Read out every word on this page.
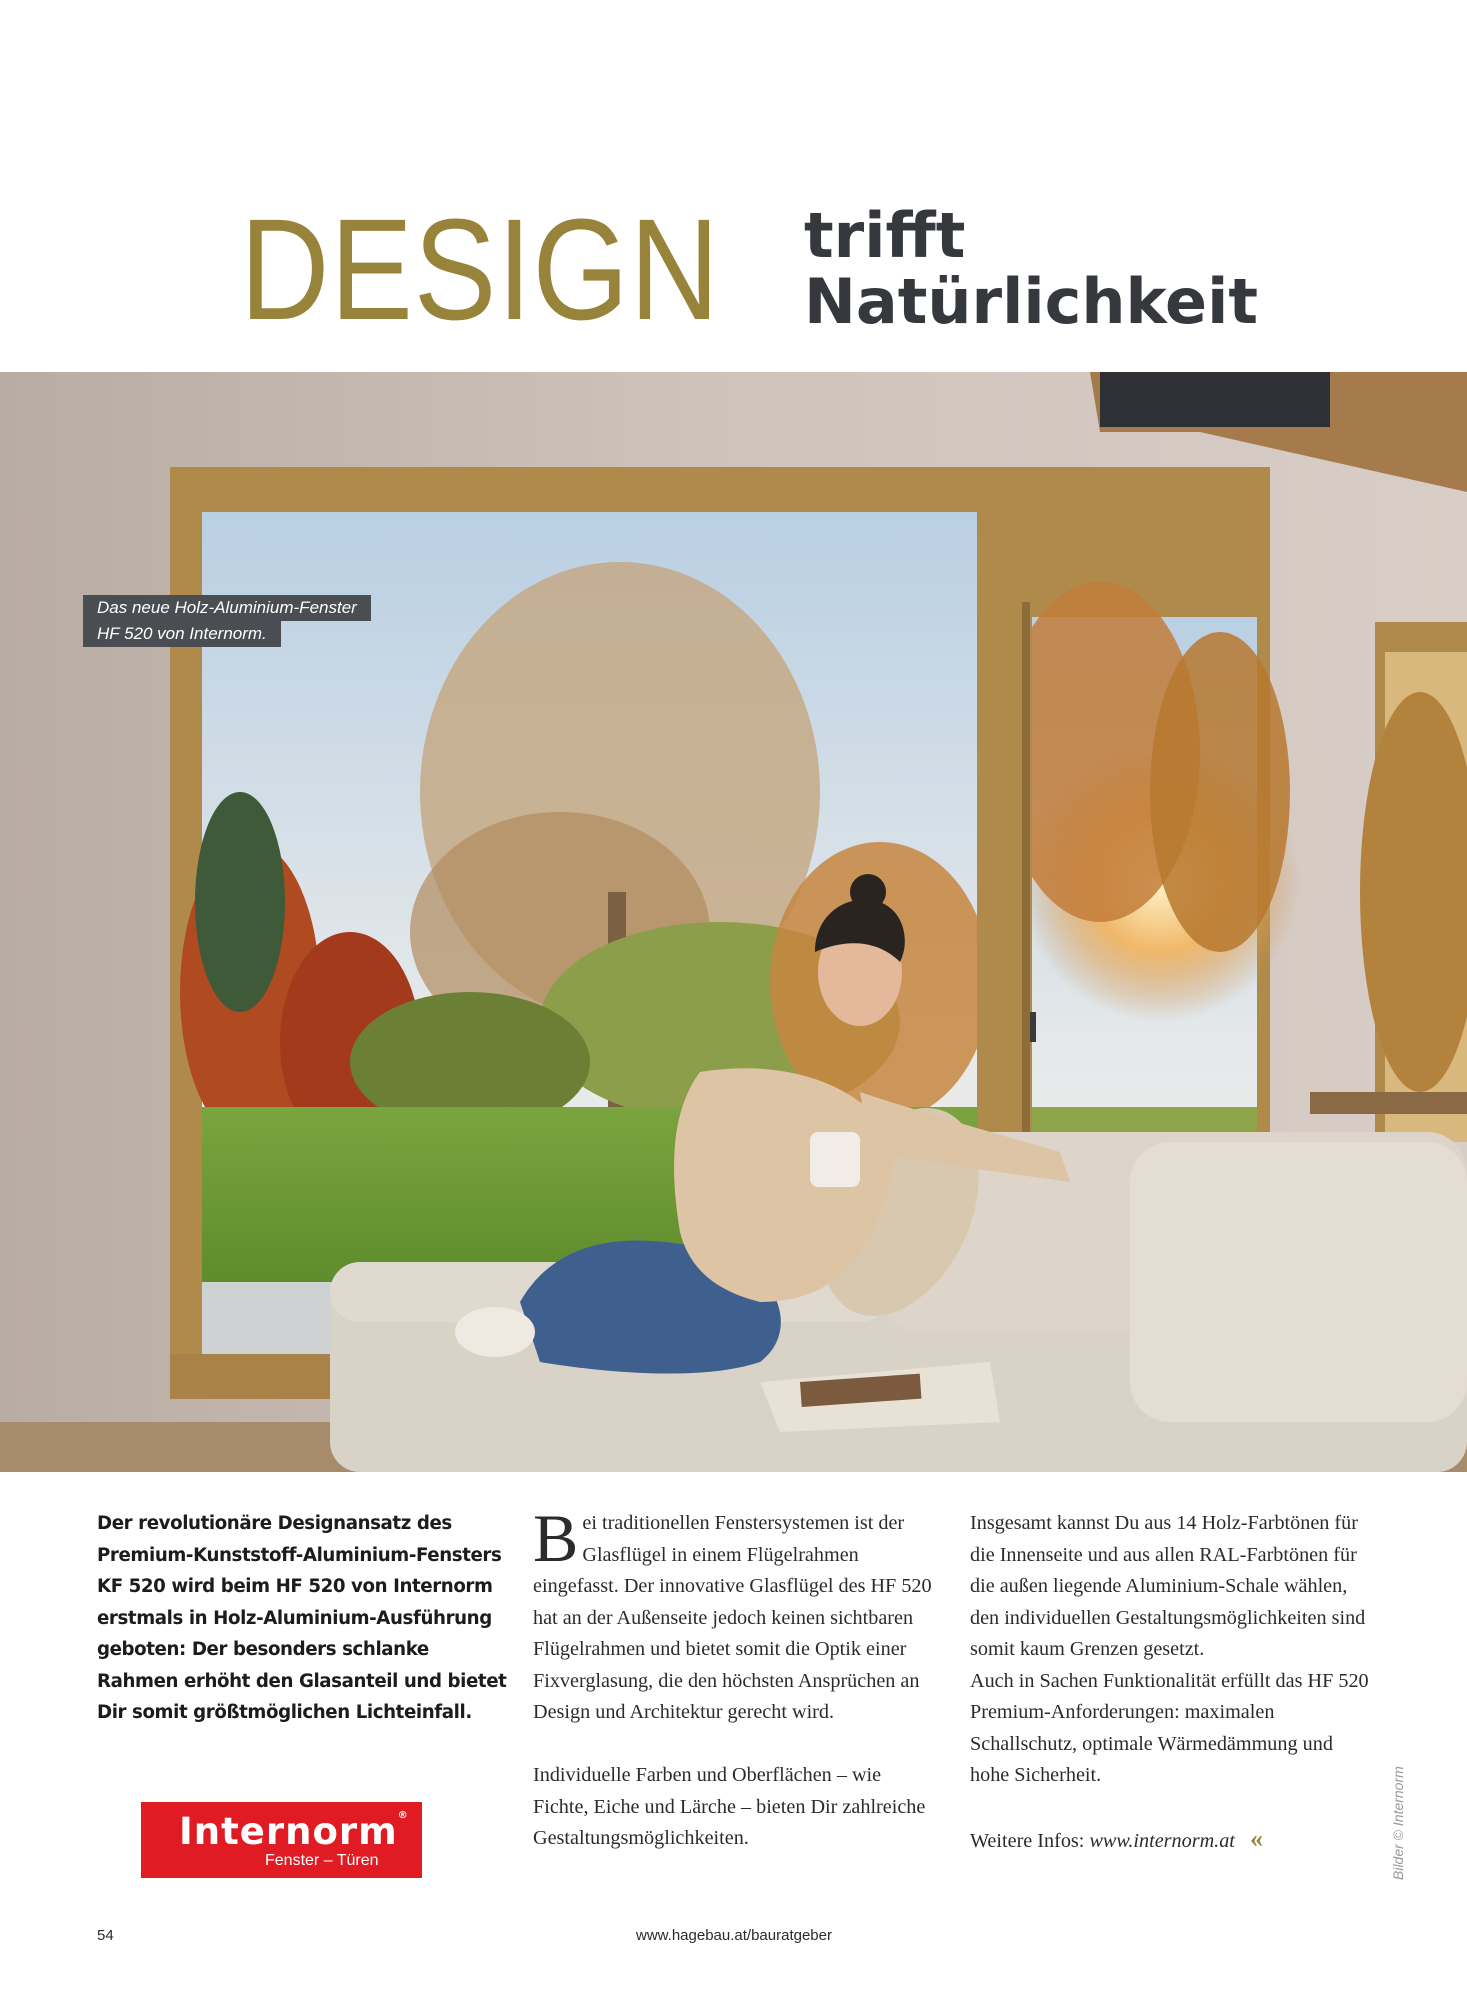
DESIGN trifft
Natürlichkeit
Das neue Holz-Aluminium-Fenster
HF 520 von Internorm.

Der revolutionäre Designansatz des Premium-Kunststoff-Aluminium-Fensters KF 520 wird beim HF 520 von Internorm erstmals in Holz-Aluminium-Ausführung geboten: Der besonders schlanke Rahmen erhöht den Glasanteil und bietet Dir somit größtmöglichen Lichteinfall.

Bei traditionellen Fenstersystemen ist der Glasflügel in einem Flügelrahmen eingefasst. Der innovative Glasflügel des HF 520 hat an der Außenseite jedoch keinen sichtbaren Flügelrahmen und bietet somit die Optik einer Fixverglasung, die den höchsten Ansprüchen an Design und Architektur gerecht wird.

Individuelle Farben und Oberflächen – wie Fichte, Eiche und Lärche – bieten Dir zahlreiche Gestaltungsmöglichkeiten.

Insgesamt kannst Du aus 14 Holz-Farbtönen für die Innenseite und aus allen RAL-Farbtönen für die außen liegende Aluminium-Schale wählen, den individuellen Gestaltungsmöglichkeiten sind somit kaum Grenzen gesetzt.

Auch in Sachen Funktionalität erfüllt das HF 520 Premium-Anforderungen: maximalen Schallschutz, optimale Wärmedämmung und hohe Sicherheit.

Weitere Infos: www.internorm.at «

Internorm®
Fenster – Türen	Bilder © Internorm
54	www.hagebau.at/bauratgeber
